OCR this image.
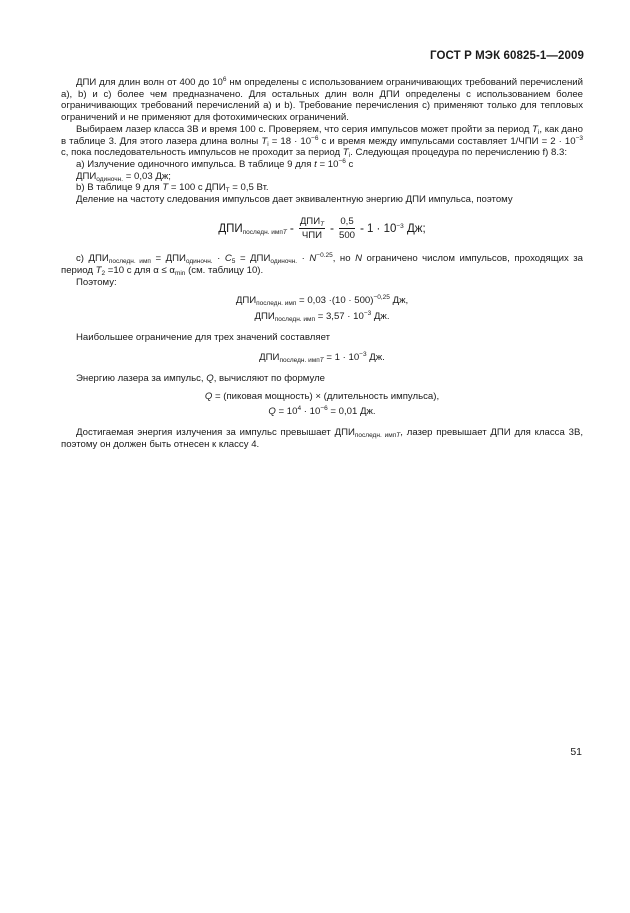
ГОСТ Р МЭК 60825-1—2009

ДПИ для длин волн от 400 до $10^6$ нм определены с использованием ограничивающих требований перечислений а), b) и с) более чем предназначено. Для остальных длин волн ДПИ определены с использованием более ограничивающих требований перечислений а) и b). Требование перечисления с) применяют только для тепловых ограничений и не применяют для фотохимических ограничений.

Выбираем лазер класса 3В и время 100 с. Проверяем, что серия импульсов может пройти за период $T_i$, как дано в таблице 3. Для этого лазера длина волны $T_i = 18 \cdot 10^{-6}$ с и время между импульсами составляет $1/ЧПИ = 2 \cdot 10^{-3}$ с, пока последовательность импульсов не проходит за период $T_i$. Следующая процедура по перечислению f) 8.3:

a) Излучение одиночного импульса. В таблице 9 для $t = 10^{-6}$ с

$ДПИ_{одиночн.} = 0,03$ Дж;

b) В таблице 9 для T = 100 с $ДПИ_T = 0,5$ Вт.

Деление на частоту следования импульсов дает эквивалентную энергию ДПИ импульса, поэтому

$ДПИ_{последн. импT} = \frac{ДПИ_T}{\text{ЧПИ}} = \frac{0,5}{500} = 1 \cdot 10^{-3}$ Дж;

c) $ДПИ_{последн. имп} = ДПИ_{одиночн.} \cdot C_5 = ДПИ_{одиночн.} \cdot N^{-0.25}$, но N ограничено числом импульсов, проходящих за период $T_2 =10$ с для $\alpha \le \alpha_{min}$ (см. таблицу 10).

Поэтому:

$ДПИ_{последн. имп} = 0,03 \cdot(10 \cdot 500)^{-0,25}$ Дж,
$ДПИ_{последн. имп} = 3,57 \cdot 10^{-3}$ Дж.

Наибольшее ограничение для трех значений составляет

$ДПИ_{последн. импT} = 1 \cdot 10^{-3}$ Дж.

Энергию лазера за импульс, Q, вычисляют по формуле

Q = (пиковая мощность) × (длительность импульса),
$Q = 10^4 \cdot 10^{-6} = 0,01$ Дж.

Достигаемая энергия излучения за импульс превышает $ДПИ_{последн. импT}$, лазер превышает ДПИ для класса 3В, поэтому он должен быть отнесен к классу 4.

51
